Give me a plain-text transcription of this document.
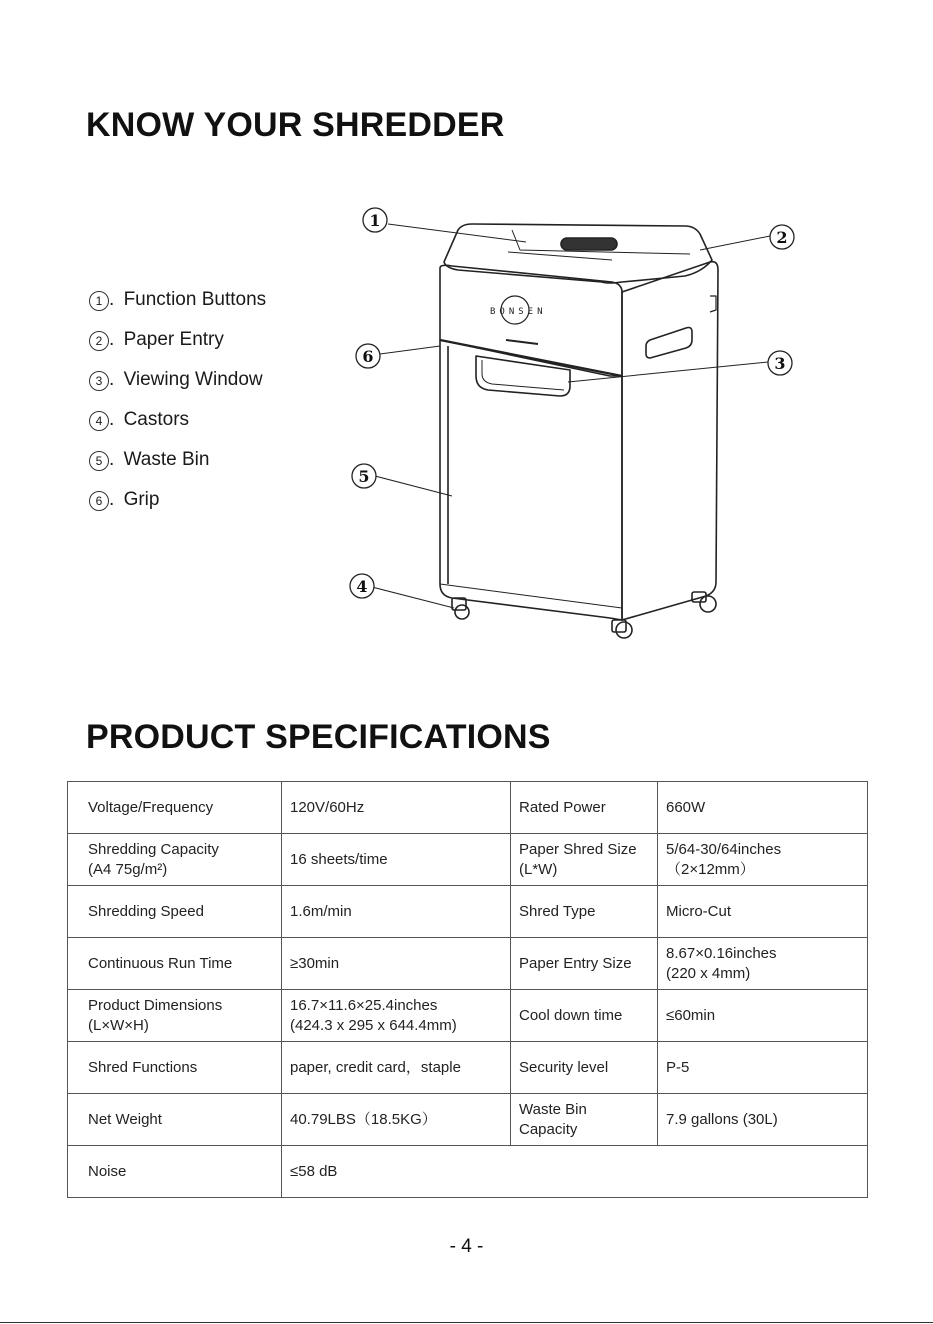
KNOW YOUR SHREDDER
1 .
Function Buttons
2 .
Paper Entry
3 .
Viewing Window
4 .
Castors
5 .
Waste Bin
6 .
Grip
BONSEN
1
2
3
4
5
6
PRODUCT SPECIFICATIONS
Voltage/Frequency	120V/60Hz	Rated Power	660W
Shredding Capacity
(A4 75g/m²)	16 sheets/time	Paper Shred Size
(L*W)	5/64-30/64inches
（2×12mm）
Shredding Speed	1.6m/min	Shred Type	Micro-Cut
Continuous Run Time	≥30min	Paper Entry Size	8.67×0.16inches
(220 x 4mm)
Product Dimensions
(L×W×H)	16.7×11.6×25.4inches
(424.3 x 295 x 644.4mm)	Cool down time	≤60min
Shred Functions	paper, credit card，staple	Security level	P-5
Net Weight	40.79LBS（18.5KG）	Waste Bin
Capacity	7.9 gallons (30L)
Noise	≤58 dB		
- 4 -
